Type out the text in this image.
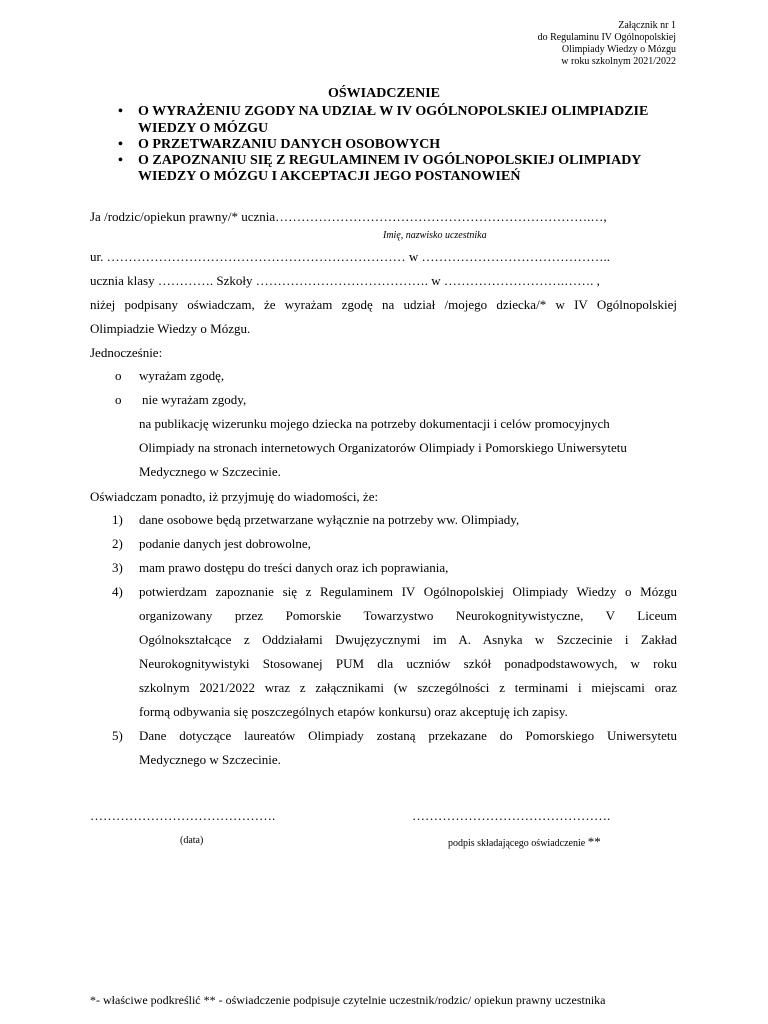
Załącznik nr 1
do Regulaminu IV Ogólnopolskiej
Olimpiady Wiedzy o Mózgu
w roku szkolnym 2021/2022
OŚWIADCZENIE
• O WYRAŻENIU ZGODY NA UDZIAŁ W IV OGÓLNOPOLSKIEJ OLIMPIADZIE
WIEDZY O MÓZGU
• O PRZETWARZANIU DANYCH OSOBOWYCH
• O ZAPOZNANIU SIĘ Z REGULAMINEM IV OGÓLNOPOLSKIEJ OLIMPIADY
WIEDZY O MÓZGU I AKCEPTACJI JEGO POSTANOWIEŃ
Ja /rodzic/opiekun prawny/* ucznia……………………………………………………………….…,
Imię, nazwisko uczestnika
ur. …………………………………………………………… w ……………………………………..
ucznia klasy …………. Szkoły …………………………………. w ……………………….……. ,
niżej podpisany oświadczam, że wyrażam zgodę na udział /mojego dziecka/* w IV Ogólnopolskiej
Olimpiadzie Wiedzy o Mózgu.
Jednocześnie:
o wyrażam zgodę,
o nie wyrażam zgody,
na publikację wizerunku mojego dziecka na potrzeby dokumentacji i celów promocyjnych
Olimpiady na stronach internetowych Organizatorów Olimpiady i Pomorskiego Uniwersytetu
Medycznego w Szczecinie.
Oświadczam ponadto, iż przyjmuję do wiadomości, że:
1) dane osobowe będą przetwarzane wyłącznie na potrzeby ww. Olimpiady,
2) podanie danych jest dobrowolne,
3) mam prawo dostępu do treści danych oraz ich poprawiania,
4) potwierdzam zapoznanie się z Regulaminem IV Ogólnopolskiej Olimpiady Wiedzy o Mózgu
organizowany przez Pomorskie Towarzystwo Neurokognitywistyczne, V Liceum
Ogólnokształcące z Oddziałami Dwujęzycznymi im A. Asnyka w Szczecinie i Zakład
Neurokognitywistyki Stosowanej PUM dla uczniów szkół ponadpodstawowych, w roku
szkolnym 2021/2022 wraz z załącznikami (w szczególności z terminami i miejscami oraz
formą odbywania się poszczególnych etapów konkursu) oraz akceptuję ich zapisy.
5) Dane dotyczące laureatów Olimpiady zostaną przekazane do Pomorskiego Uniwersytetu
Medycznego w Szczecinie.
…………………………………….
(data)
……………………………………….
podpis składającego oświadczenie **
*- właściwe podkreślić ** - oświadczenie podpisuje czytelnie uczestnik/rodzic/ opiekun prawny uczestnika
